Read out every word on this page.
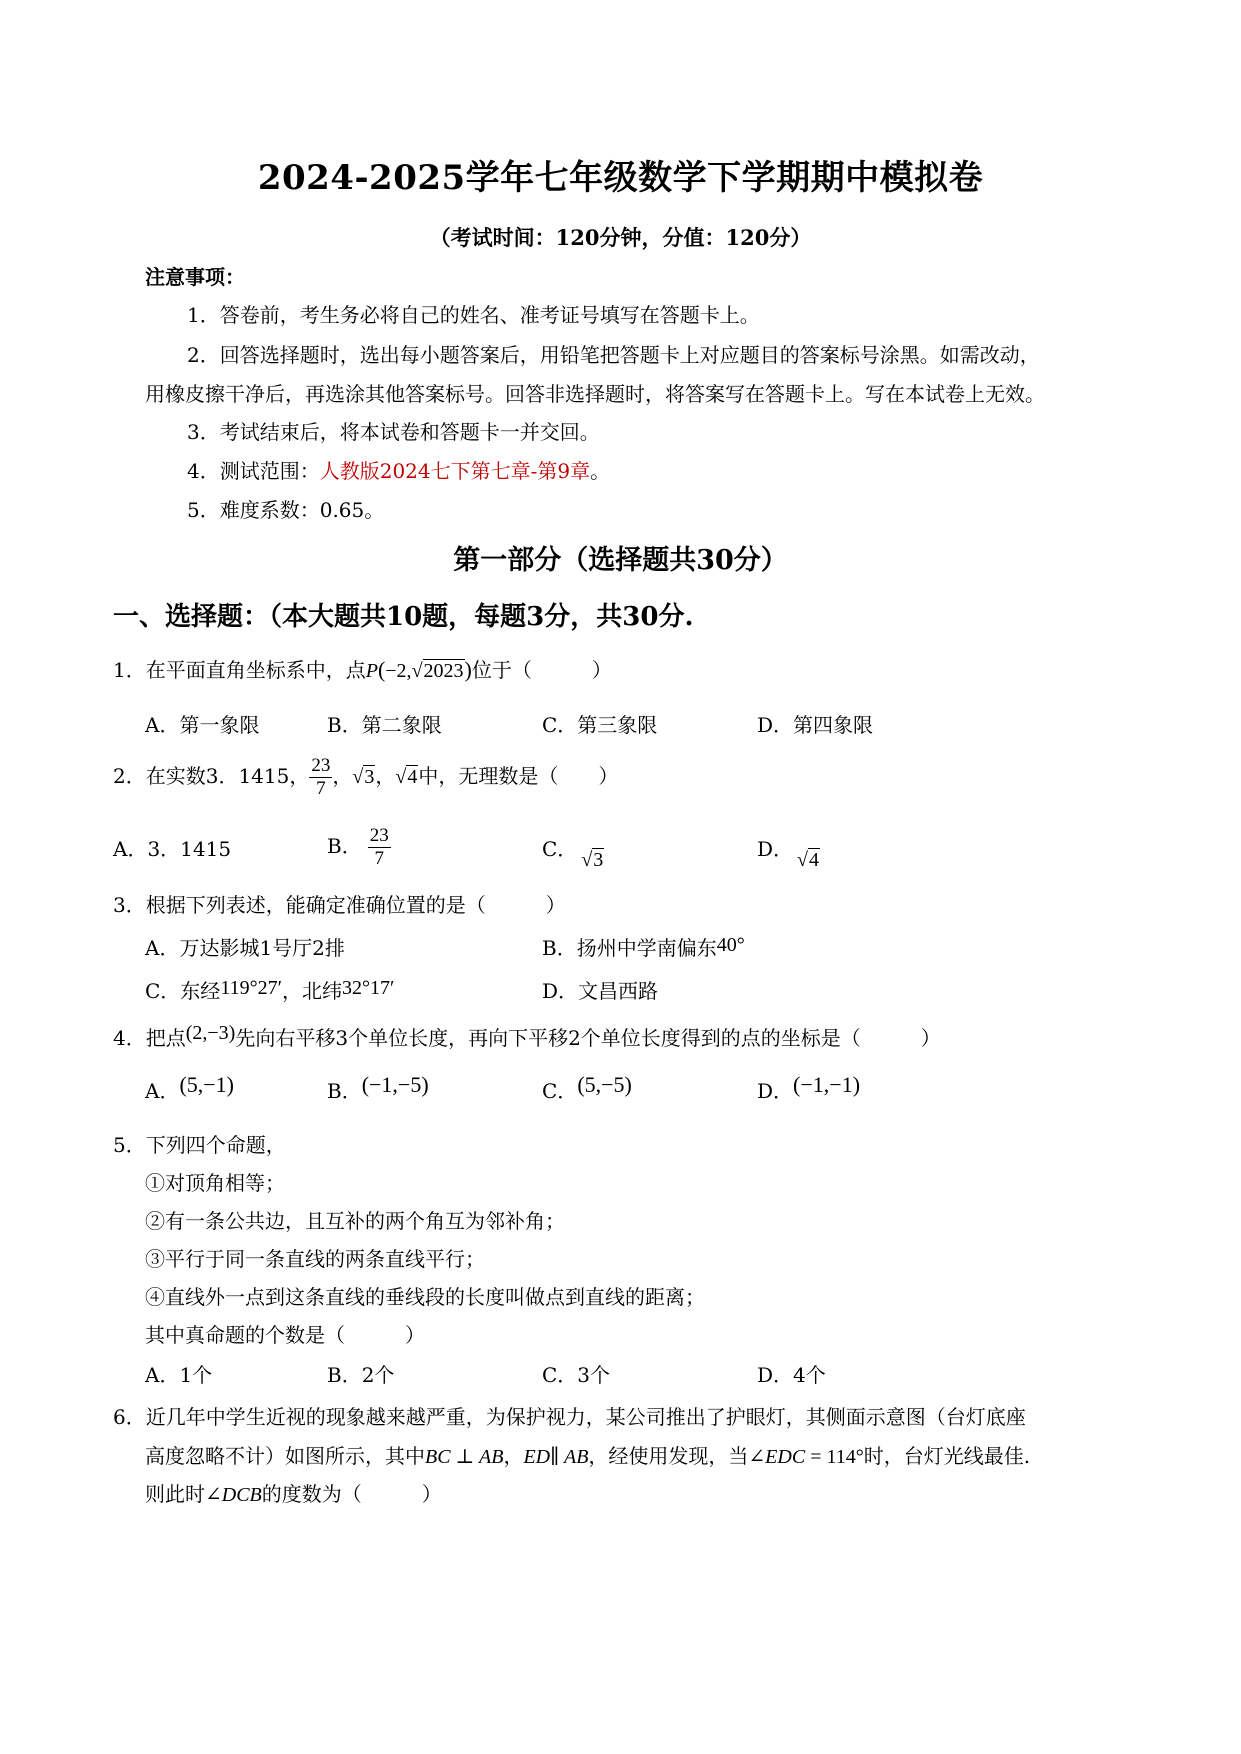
2024-2025学年七年级数学下学期期中模拟卷
（考试时间：120分钟，分值：120分）
注意事项：
1．答卷前，考生务必将自己的姓名、准考证号填写在答题卡上。
2．回答选择题时，选出每小题答案后，用铅笔把答题卡上对应题目的答案标号涂黑。如需改动，
用橡皮擦干净后，再选涂其他答案标号。回答非选择题时，将答案写在答题卡上。写在本试卷上无效。
3．考试结束后，将本试卷和答题卡一并交回。
4．测试范围：人教版2024七下第七章-第9章。
5．难度系数：0.65。
第一部分（选择题共30分）
一、选择题：（本大题共10题，每题3分，共30分.
1．在平面直角坐标系中，点P(−2,√2023)位于（　　　）
A．第一象限	B．第二象限	C．第三象限	D．第四象限
2．在实数3．1415， $\frac{23}{7}$ ，√3，√4中，无理数是（　　）
A．3．1415	B． $\frac{23}{7}$	C． √3	D． √4
3．根据下列表述，能确定准确位置的是（　　　）
A．万达影城1号厅2排	B．扬州中学南偏东40°
C．东经119°27′，北纬32°17′	D．文昌西路
4．把点(2,−3)先向右平移3个单位长度，再向下平移2个单位长度得到的点的坐标是（　　　）
A．(5,−1)	B．(−1,−5)	C．(5,−5)	D．(−1,−1)
5．下列四个命题，
①对顶角相等；
②有一条公共边，且互补的两个角互为邻补角；
③平行于同一条直线的两条直线平行；
④直线外一点到这条直线的垂线段的长度叫做点到直线的距离；
其中真命题的个数是（　　　）
A．1个	B．2个	C．3个	D．4个
6．近几年中学生近视的现象越来越严重，为保护视力，某公司推出了护眼灯，其侧面示意图（台灯底座
高度忽略不计）如图所示，其中BC ⊥ AB，ED∥ AB，经使用发现，当∠EDC = 114°时，台灯光线最佳.
则此时∠DCB的度数为（　　　）
